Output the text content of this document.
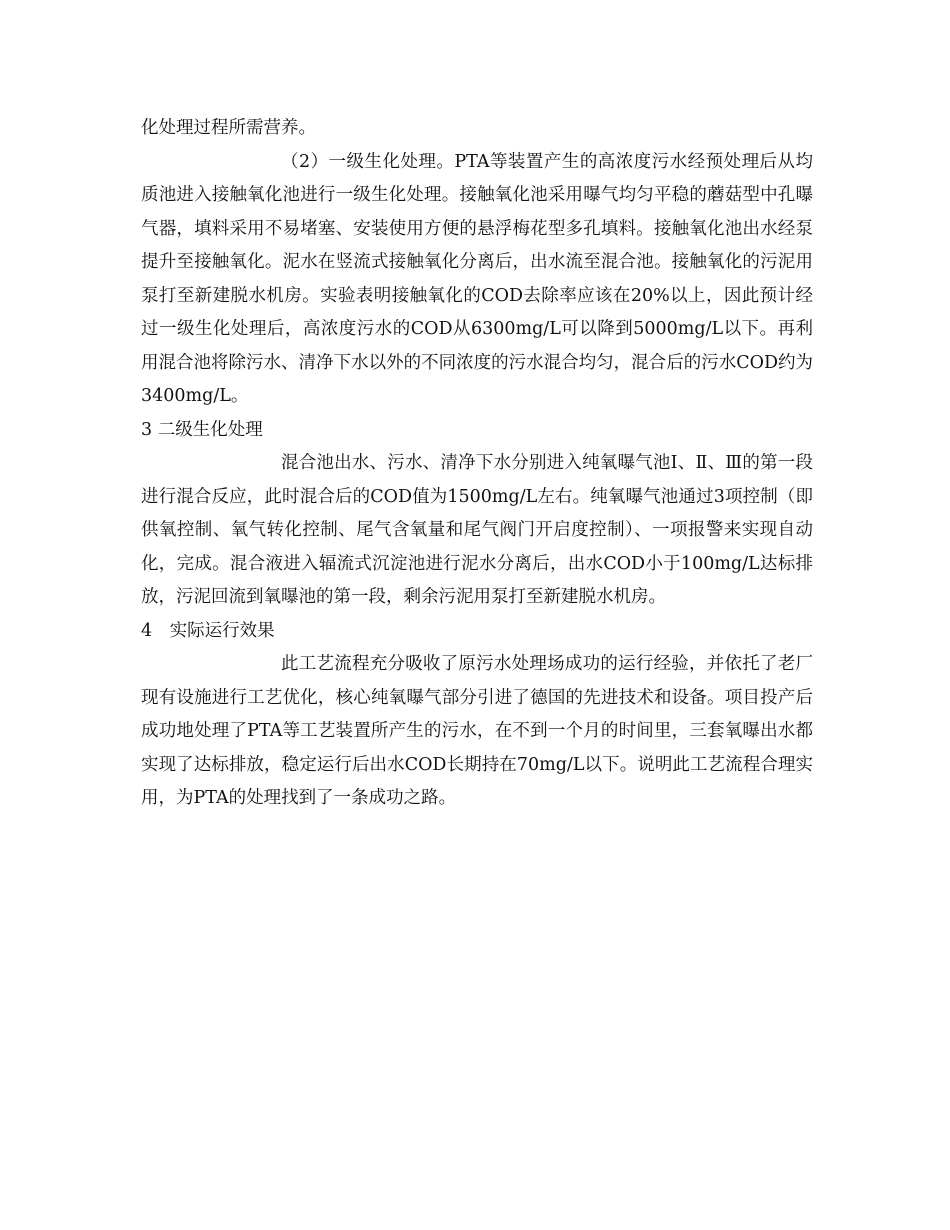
化处理过程所需营养。

（2）一级生化处理。PTA等装置产生的高浓度污水经预处理后从均质池进入接触氧化池进行一级生化处理。接触氧化池采用曝气均匀平稳的蘑菇型中孔曝气器，填料采用不易堵塞、安装使用方便的悬浮梅花型多孔填料。接触氧化池出水经泵提升至接触氧化。泥水在竖流式接触氧化分离后，出水流至混合池。接触氧化的污泥用泵打至新建脱水机房。实验表明接触氧化的COD去除率应该在20%以上，因此预计经过一级生化处理后，高浓度污水的COD从6300mg/L可以降到5000mg/L以下。再利用混合池将除污水、清净下水以外的不同浓度的污水混合均匀，混合后的污水COD约为3400mg/L。

3 二级生化处理

混合池出水、污水、清净下水分别进入纯氧曝气池Ⅰ、Ⅱ、Ⅲ的第一段进行混合反应，此时混合后的COD值为1500mg/L左右。纯氧曝气池通过3项控制（即供氧控制、氧气转化控制、尾气含氧量和尾气阀门开启度控制）、一项报警来实现自动化，完成。混合液进入辐流式沉淀池进行泥水分离后，出水COD小于100mg/L达标排放，污泥回流到氧曝池的第一段，剩余污泥用泵打至新建脱水机房。

4　实际运行效果

此工艺流程充分吸收了原污水处理场成功的运行经验，并依托了老厂现有设施进行工艺优化，核心纯氧曝气部分引进了德国的先进技术和设备。项目投产后成功地处理了PTA等工艺装置所产生的污水，在不到一个月的时间里，三套氧曝出水都实现了达标排放，稳定运行后出水COD长期持在70mg/L以下。说明此工艺流程合理实用，为PTA的处理找到了一条成功之路。
